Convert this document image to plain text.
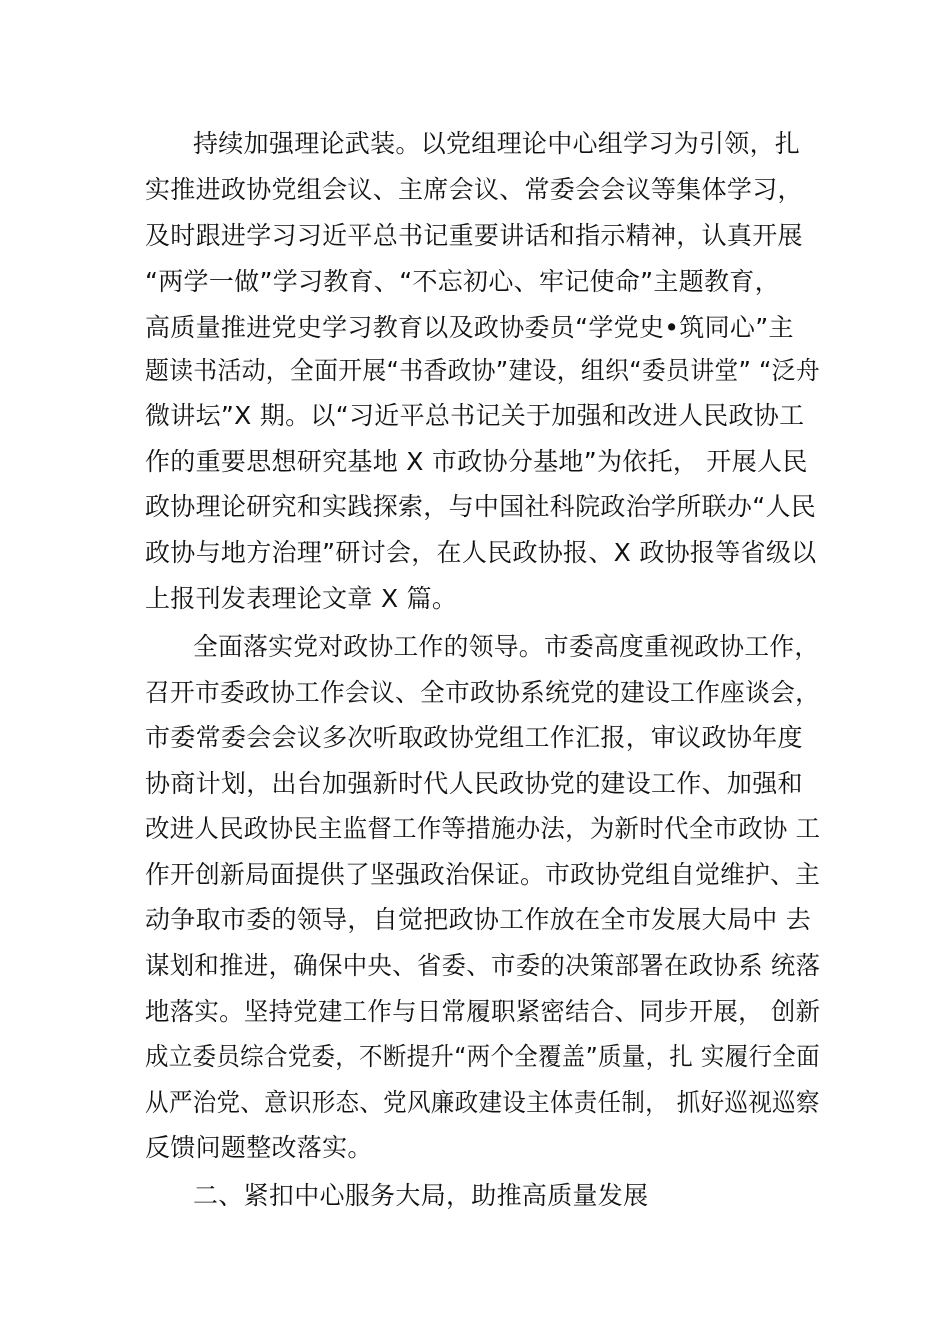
持续加强理论武装。以党组理论中心组学习为引领，扎
实推进政协党组会议、主席会议、常委会会议等集体学习，
及时跟进学习习近平总书记重要讲话和指示精神，认真开展
“两学一做”学习教育、“不忘初心、牢记使命”主题教育，
高质量推进党史学习教育以及政协委员“学党史•筑同心”主
题读书活动，全面开展“书香政协”建设，组织“委员讲堂” “泛舟
微讲坛”X 期。以“习近平总书记关于加强和改进人民政协工
作的重要思想研究基地 X 市政协分基地”为依托， 开展人民
政协理论研究和实践探索，与中国社科院政治学所联办“人民
政协与地方治理”研讨会，在人民政协报、X 政协报等省级以
上报刊发表理论文章 X 篇。
全面落实党对政协工作的领导。市委高度重视政协工作，
召开市委政协工作会议、全市政协系统党的建设工作座谈会，
市委常委会会议多次听取政协党组工作汇报，审议政协年度
协商计划，出台加强新时代人民政协党的建设工作、加强和
改进人民政协民主监督工作等措施办法，为新时代全市政协 工
作开创新局面提供了坚强政治保证。市政协党组自觉维护、主
动争取市委的领导，自觉把政协工作放在全市发展大局中 去
谋划和推进，确保中央、省委、市委的决策部署在政协系 统落
地落实。坚持党建工作与日常履职紧密结合、同步开展， 创新
成立委员综合党委，不断提升“两个全覆盖”质量，扎 实履行全面
从严治党、意识形态、党风廉政建设主体责任制， 抓好巡视巡察
反馈问题整改落实。
二、紧扣中心服务大局，助推高质量发展
